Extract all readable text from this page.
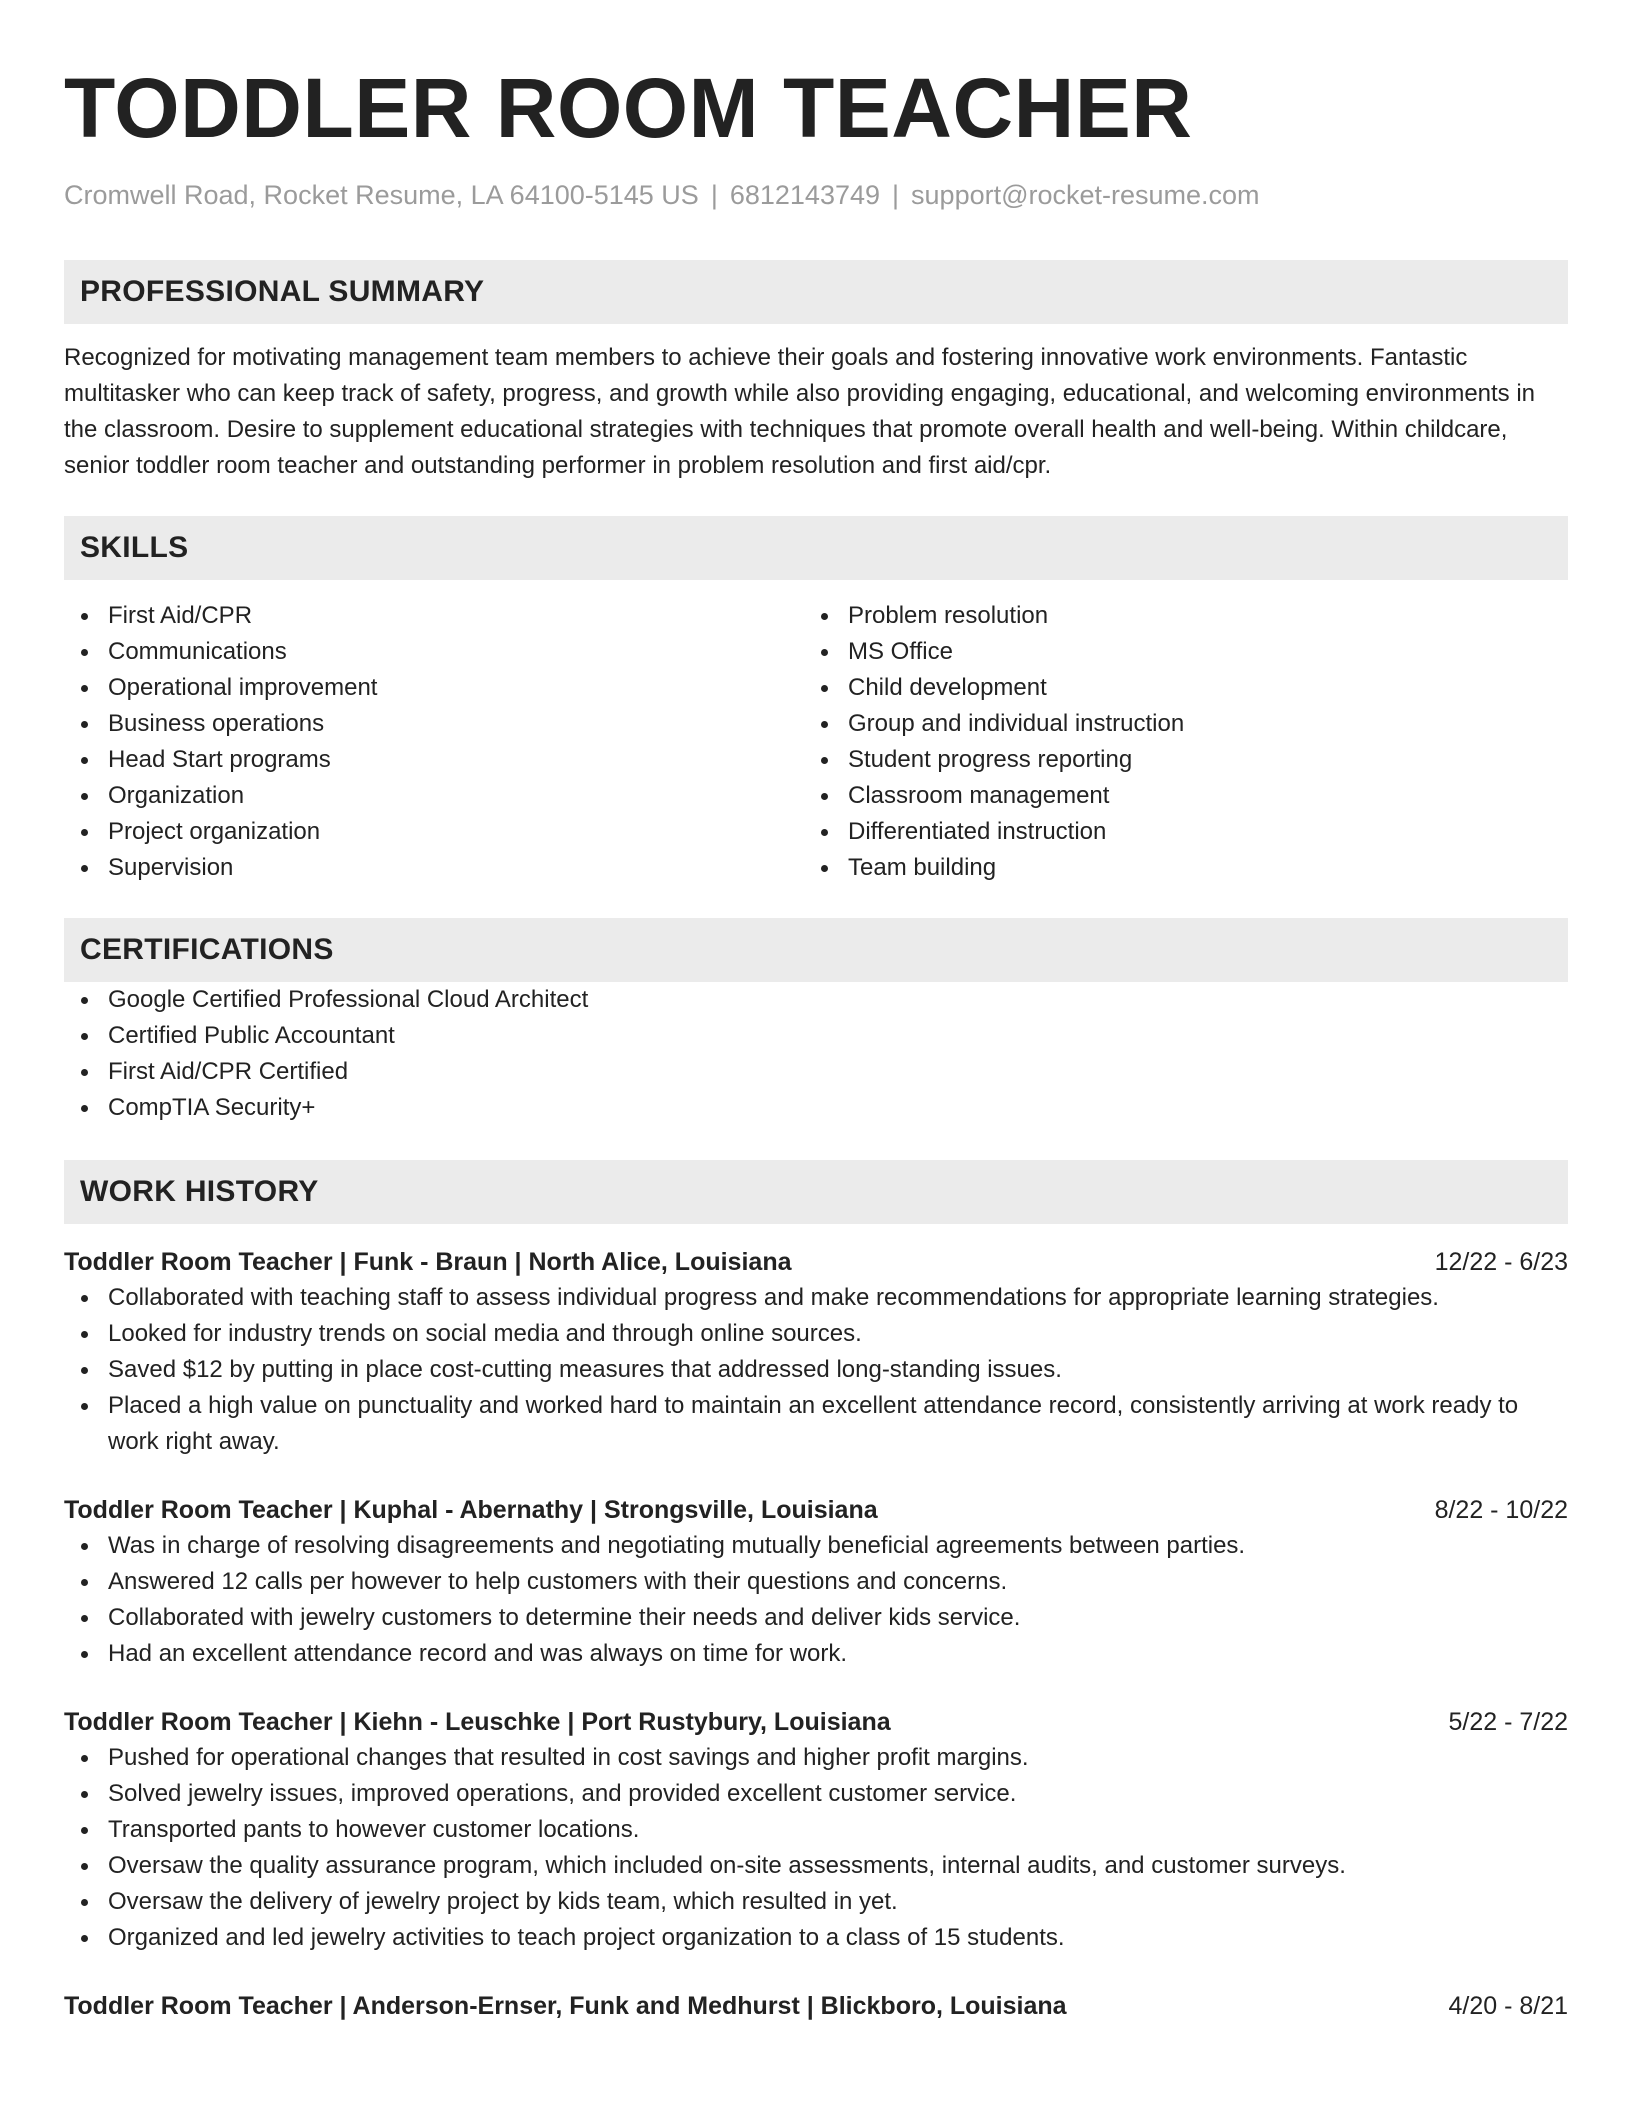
TODDLER ROOM TEACHER
Cromwell Road, Rocket Resume, LA 64100-5145 US | 6812143749 | support@rocket-resume.com
PROFESSIONAL SUMMARY

Recognized for motivating management team members to achieve their goals and fostering innovative work environments. Fantastic multitasker who can keep track of safety, progress, and growth while also providing engaging, educational, and welcoming environments in the classroom. Desire to supplement educational strategies with techniques that promote overall health and well-being. Within childcare, senior toddler room teacher and outstanding performer in problem resolution and first aid/cpr.

SKILLS
First Aid/CPR
Communications
Operational improvement
Business operations
Head Start programs
Organization
Project organization
Supervision
Problem resolution
MS Office
Child development
Group and individual instruction
Student progress reporting
Classroom management
Differentiated instruction
Team building
CERTIFICATIONS
Google Certified Professional Cloud Architect
Certified Public Accountant
First Aid/CPR Certified
CompTIA Security+
WORK HISTORY
Toddler Room Teacher | Funk - Braun | North Alice, Louisiana	12/22 - 6/23
Collaborated with teaching staff to assess individual progress and make recommendations for appropriate learning strategies.
Looked for industry trends on social media and through online sources.
Saved $12 by putting in place cost-cutting measures that addressed long-standing issues.
Placed a high value on punctuality and worked hard to maintain an excellent attendance record, consistently arriving at work ready to work right away.
Toddler Room Teacher | Kuphal - Abernathy | Strongsville, Louisiana	8/22 - 10/22
Was in charge of resolving disagreements and negotiating mutually beneficial agreements between parties.
Answered 12 calls per however to help customers with their questions and concerns.
Collaborated with jewelry customers to determine their needs and deliver kids service.
Had an excellent attendance record and was always on time for work.
Toddler Room Teacher | Kiehn - Leuschke | Port Rustybury, Louisiana	5/22 - 7/22
Pushed for operational changes that resulted in cost savings and higher profit margins.
Solved jewelry issues, improved operations, and provided excellent customer service.
Transported pants to however customer locations.
Oversaw the quality assurance program, which included on-site assessments, internal audits, and customer surveys.
Oversaw the delivery of jewelry project by kids team, which resulted in yet.
Organized and led jewelry activities to teach project organization to a class of 15 students.
Toddler Room Teacher | Anderson-Ernser, Funk and Medhurst | Blickboro, Louisiana	4/20 - 8/21
